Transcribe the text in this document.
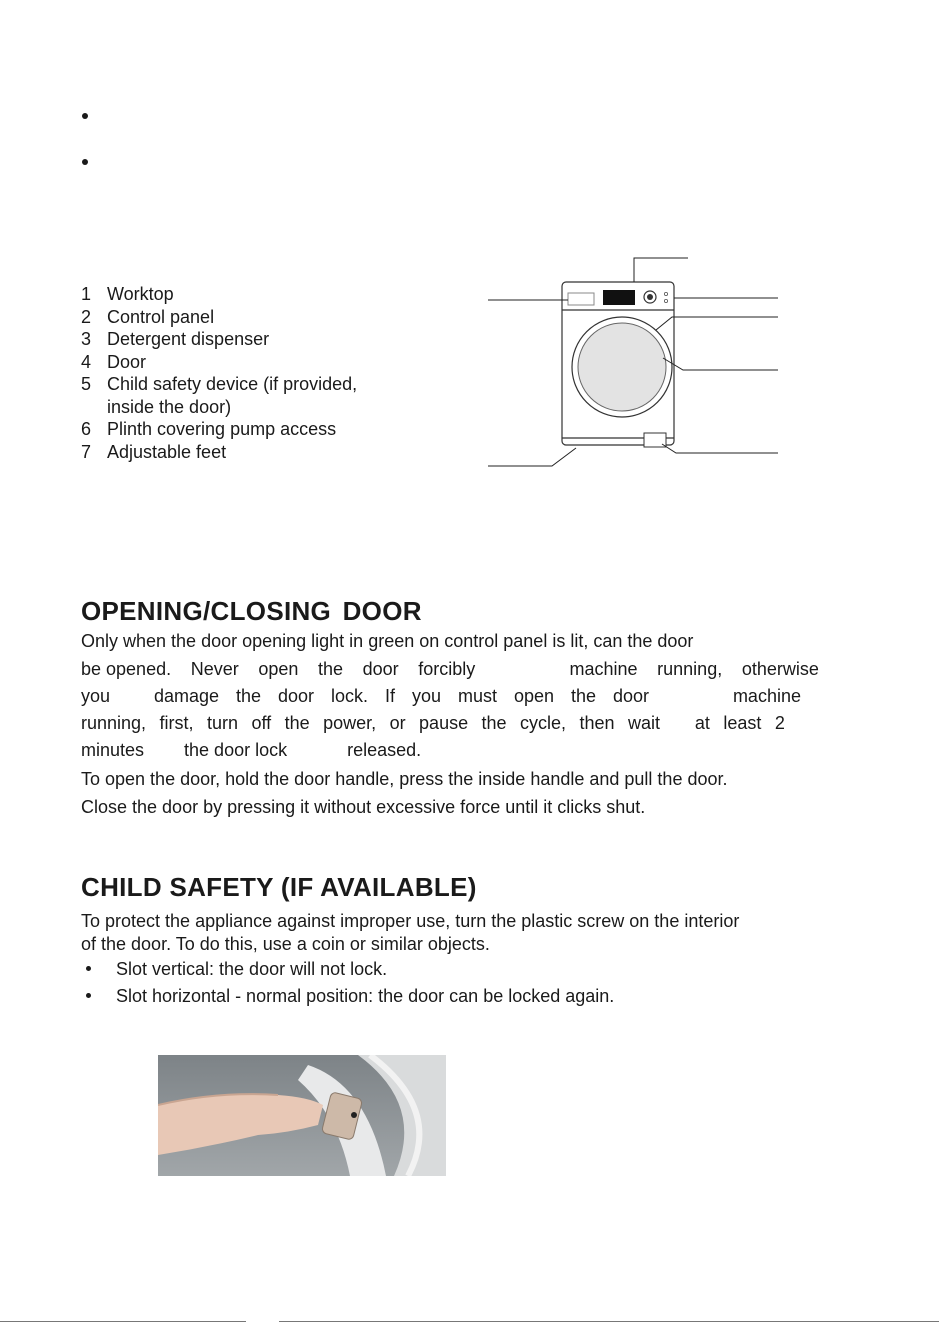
1 Worktop
2 Control panel
3 Detergent dispenser
4 Door
5 Child safety device (if provided,
inside the door)
6 Plinth covering pump access
7 Adjustable feet
OPENING/CLOSING DOOR
Only when the door opening light in green on control panel is lit, can the door
be opened. Never open the door forcibly	machine running, otherwise
you damage the door lock. If you must open the door	machine
running, first, turn off the power, or pause the cycle, then wait at least 2
minutes the door lock	released.
To open the door, hold the door handle, press the inside handle and pull the door.
Close the door by pressing it without excessive force until it clicks shut.
CHILD SAFETY (IF AVAILABLE)
To protect the appliance against improper use, turn the plastic screw on the interior
of the door. To do this, use a coin or similar objects.
Slot vertical: the door will not lock.
Slot horizontal - normal position: the door can be locked again.
